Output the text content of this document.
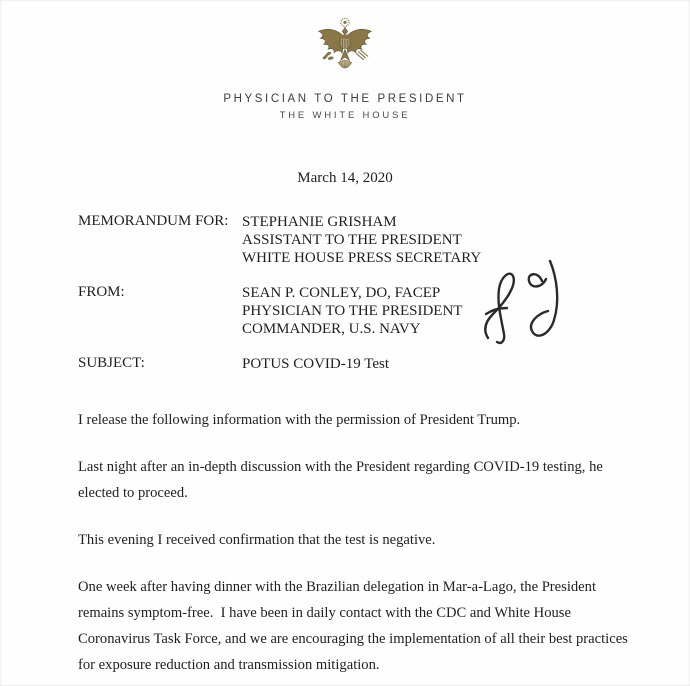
PHYSICIAN TO THE PRESIDENT
THE WHITE HOUSE
March 14, 2020
MEMORANDUM FOR: STEPHANIE GRISHAM
ASSISTANT TO THE PRESIDENT
WHITE HOUSE PRESS SECRETARY
FROM:	SEAN P. CONLEY, DO, FACEP
PHYSICIAN TO THE PRESIDENT
COMMANDER, U.S. NAVY
SUBJECT:	POTUS COVID-19 Test

I release the following information with the permission of President Trump.

Last night after an in-depth discussion with the President regarding COVID-19 testing, he elected to proceed.

This evening I received confirmation that the test is negative.

One week after having dinner with the Brazilian delegation in Mar-a-Lago, the President remains symptom-free.  I have been in daily contact with the CDC and White House Coronavirus Task Force, and we are encouraging the implementation of all their best practices for exposure reduction and transmission mitigation.
